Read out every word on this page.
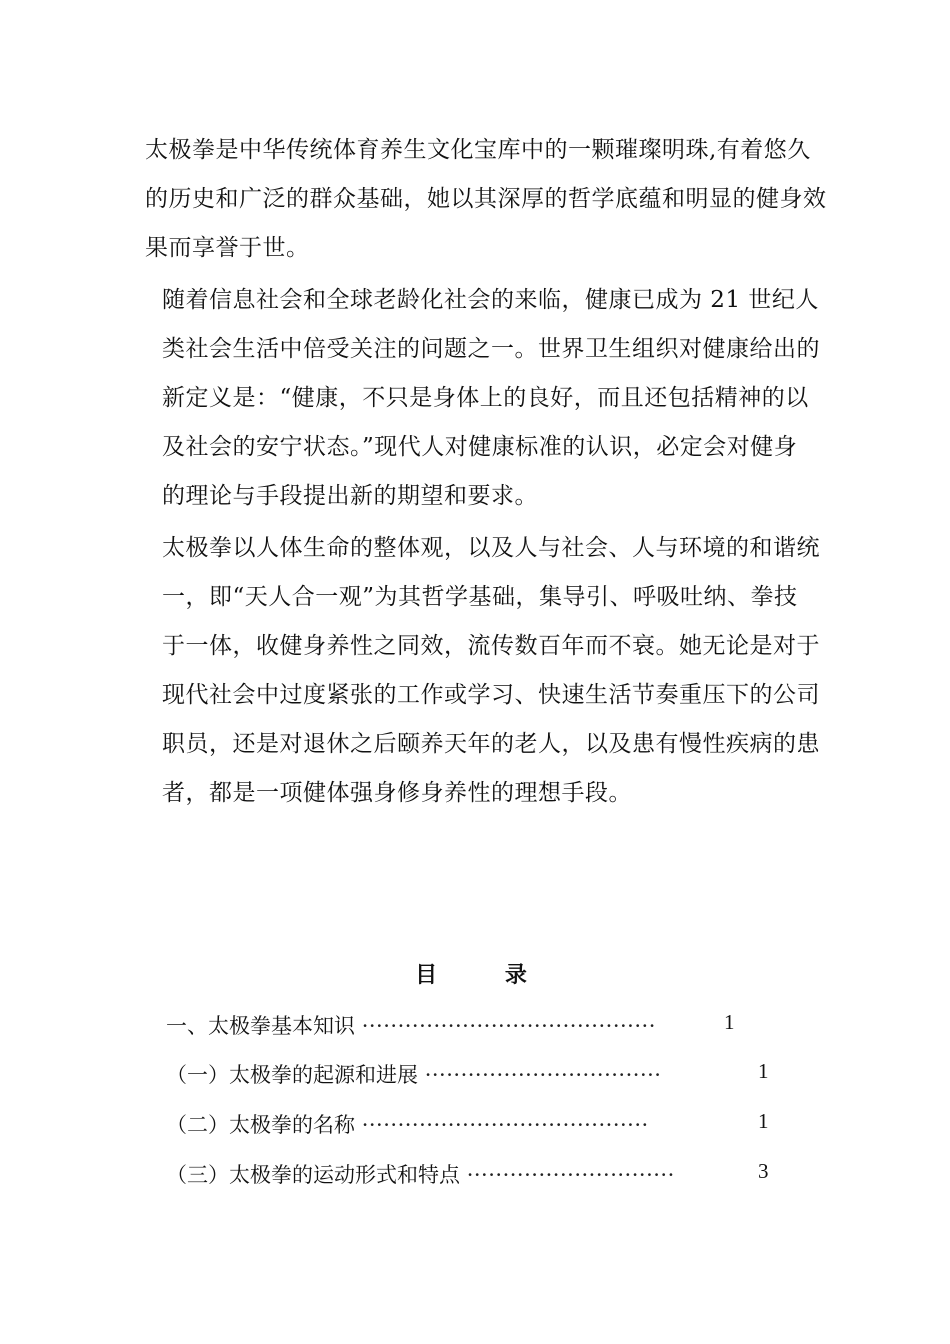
太极拳是中华传统体育养生文化宝库中的一颗璀璨明珠,有着悠久
的历史和广泛的群众基础，她以其深厚的哲学底蕴和明显的健身效
果而享誉于世。
随着信息社会和全球老龄化社会的来临，健康已成为 21 世纪人
类社会生活中倍受关注的问题之一。世界卫生组织对健康给出的
新定义是：“健康，不只是身体上的良好，而且还包括精神的以
及社会的安宁状态。”现代人对健康标准的认识，必定会对健身
的理论与手段提出新的期望和要求。
太极拳以人体生命的整体观，以及人与社会、人与环境的和谐统
一，即“天人合一观”为其哲学基础，集导引、呼吸吐纳、拳技
于一体，收健身养性之同效，流传数百年而不衰。她无论是对于
现代社会中过度紧张的工作或学习、快速生活节奏重压下的公司
职员，还是对退休之后颐养天年的老人，以及患有慢性疾病的患
者，都是一项健体强身修身养性的理想手段。
目 录
一、太极拳基本知识 ·········································	1
（一）太极拳的起源和进展 ·································	1
（二）太极拳的名称 ········································	1
（三）太极拳的运动形式和特点 ·····························	3
